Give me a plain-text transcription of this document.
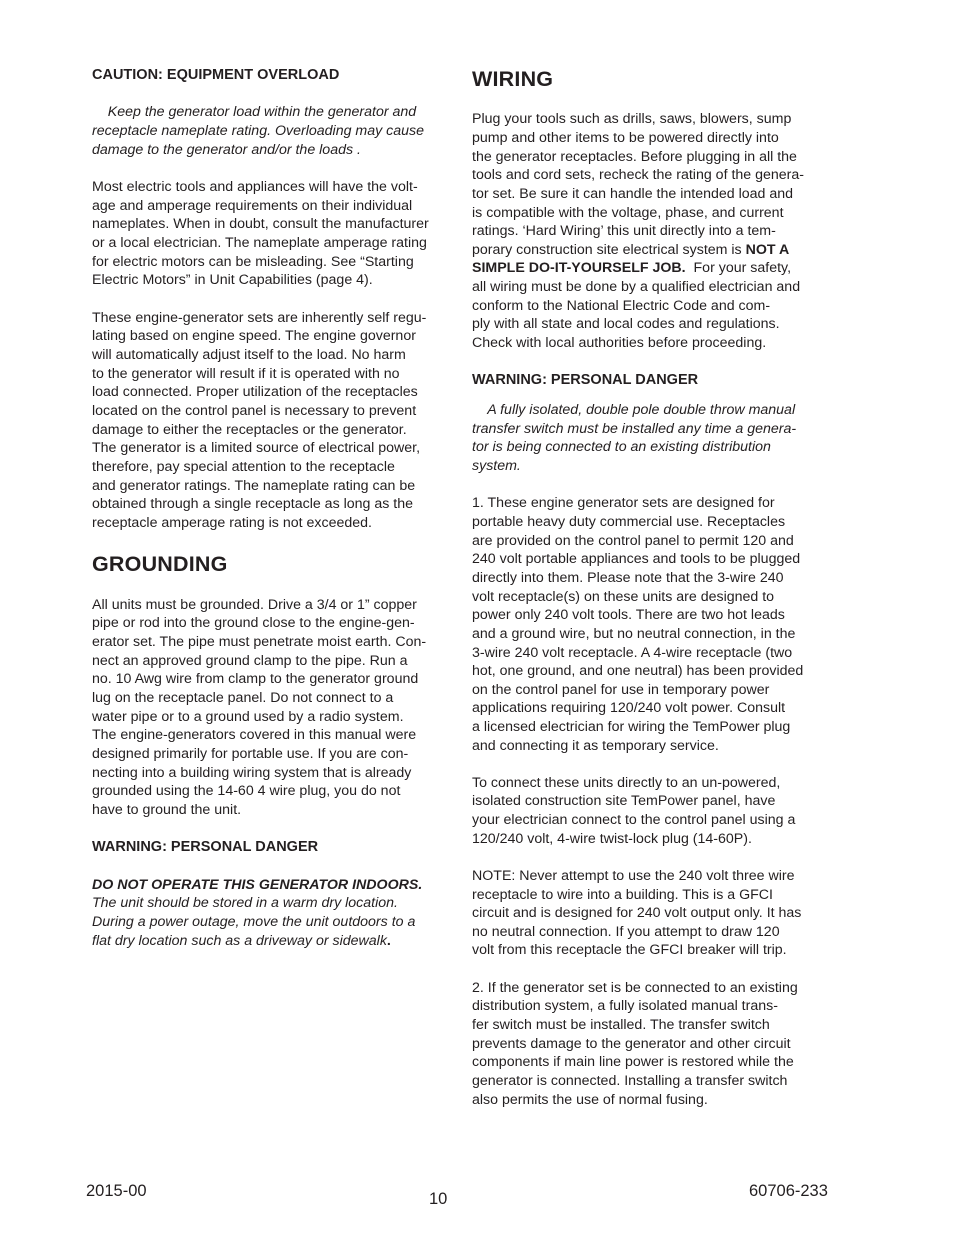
CAUTION: EQUIPMENT OVERLOAD

Keep the generator load within the generator and

receptacle nameplate rating. Overloading may cause

damage to the generator and/or the loads .

Most electric tools and appliances will have the volt-

age and amperage requirements on their individual

nameplates. When in doubt, consult the manufacturer

or a local electrician. The nameplate amperage rating

for electric motors can be misleading. See “Starting

Electric Motors” in Unit Capabilities (page 4).

These engine-generator sets are inherently self regu-

lating based on engine speed. The engine governor

will automatically adjust itself to the load. No harm

to the generator will result if it is operated with no

load connected. Proper utilization of the receptacles

located on the control panel is necessary to prevent

damage to either the receptacles or the generator.

The generator is a limited source of electrical power,

therefore, pay special attention to the receptacle

and generator ratings. The nameplate rating can be

obtained through a single receptacle as long as the

receptacle amperage rating is not exceeded.

GROUNDING

All units must be grounded. Drive a 3/4 or 1” copper

pipe or rod into the ground close to the engine-gen-

erator set. The pipe must penetrate moist earth. Con-

nect an approved ground clamp to the pipe. Run a

no. 10 Awg wire from clamp to the generator ground

lug on the receptacle panel. Do not connect to a

water pipe or to a ground used by a radio system.

The engine-generators covered in this manual were

designed primarily for portable use. If you are con-

necting into a building wiring system that is already

grounded using the 14-60 4 wire plug, you do not

have to ground the unit.

WARNING: PERSONAL DANGER

DO NOT OPERATE THIS GENERATOR INDOORS.

The unit should be stored in a warm dry location.

During a power outage, move the unit outdoors to a

flat dry location such as a driveway or sidewalk.

WIRING

Plug your tools such as drills, saws, blowers, sump

pump and other items to be powered directly into

the generator receptacles. Before plugging in all the

tools and cord sets, recheck the rating of the genera-

tor set. Be sure it can handle the intended load and

is compatible with the voltage, phase, and current

ratings. ‘Hard Wiring’ this unit directly into a tem-

porary construction site electrical system is NOT A

SIMPLE DO-IT-YOURSELF JOB.  For your safety,

all wiring must be done by a qualified electrician and

conform to the National Electric Code and com-

ply with all state and local codes and regulations.

Check with local authorities before proceeding.

WARNING: PERSONAL DANGER

A fully isolated, double pole double throw manual

transfer switch must be installed any time a genera-

tor is being connected to an existing distribution

system.

1. These engine generator sets are designed for

portable heavy duty commercial use. Receptacles

are provided on the control panel to permit 120 and

240 volt portable appliances and tools to be plugged

directly into them. Please note that the 3-wire 240

volt receptacle(s) on these units are designed to

power only 240 volt tools. There are two hot leads

and a ground wire, but no neutral connection, in the

3-wire 240 volt receptacle. A 4-wire receptacle (two

hot, one ground, and one neutral) has been provided

on the control panel for use in temporary power

applications requiring 120/240 volt power. Consult

a licensed electrician for wiring the TemPower plug

and connecting it as temporary service.

To connect these units directly to an un-powered,

isolated construction site TemPower panel, have

your electrician connect to the control panel using a

120/240 volt, 4-wire twist-lock plug (14-60P).

NOTE: Never attempt to use the 240 volt three wire

receptacle to wire into a building. This is a GFCI

circuit and is designed for 240 volt output only. It has

no neutral connection. If you attempt to draw 120

volt from this receptacle the GFCI breaker will trip.

2. If the generator set is be connected to an existing

distribution system, a fully isolated manual trans-

fer switch must be installed. The transfer switch

prevents damage to the generator and other circuit

components if main line power is restored while the

generator is connected. Installing a transfer switch

also permits the use of normal fusing.

2015-00	10	60706-233
